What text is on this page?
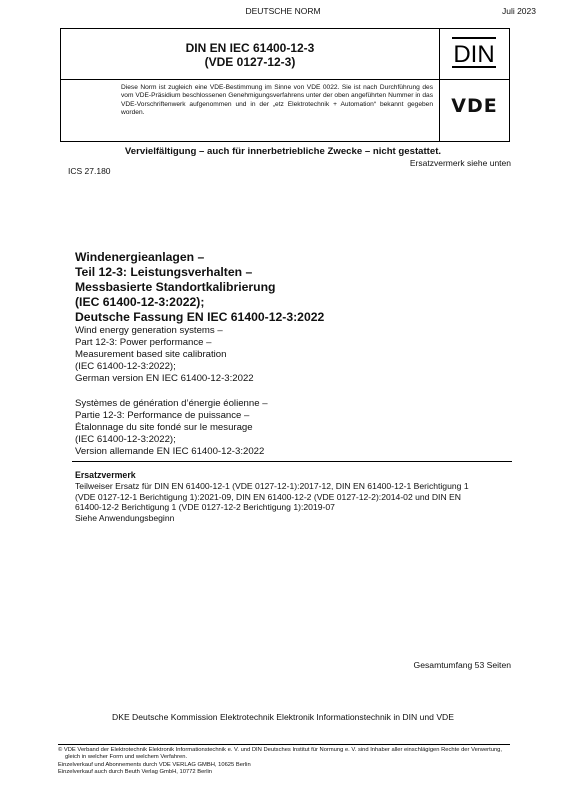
DEUTSCHE NORM	Juli 2023
DIN EN IEC 61400-12-3
(VDE 0127-12-3)	DIN
Diese Norm ist zugleich eine VDE-Bestimmung im Sinne von VDE 0022. Sie ist nach Durchführung des vom VDE-Präsidium beschlossenen Genehmigungsverfahrens unter der oben angeführten Nummer in das VDE-Vorschriftenwerk aufgenommen und in der „etz Elektrotechnik + Automation“ bekannt gegeben worden.	VDE
Vervielfältigung – auch für innerbetriebliche Zwecke – nicht gestattet.
Ersatzvermerk siehe unten
ICS 27.180
Windenergieanlagen –
Teil 12-3: Leistungsverhalten –
Messbasierte Standortkalibrierung
(IEC 61400-12-3:2022);
Deutsche Fassung EN IEC 61400-12-3:2022
Wind energy generation systems –
Part 12-3: Power performance –
Measurement based site calibration
(IEC 61400-12-3:2022);
German version EN IEC 61400-12-3:2022
Systèmes de génération d’énergie éolienne –
Partie 12-3: Performance de puissance –
Étalonnage du site fondé sur le mesurage
(IEC 61400-12-3:2022);
Version allemande EN IEC 61400-12-3:2022
Ersatzvermerk
Teilweiser Ersatz für DIN EN 61400-12-1 (VDE 0127-12-1):2017-12, DIN EN 61400-12-1 Berichtigung 1
(VDE 0127-12-1 Berichtigung 1):2021-09, DIN EN 61400-12-2 (VDE 0127-12-2):2014-02 und DIN EN
61400-12-2 Berichtigung 1 (VDE 0127-12-2 Berichtigung 1):2019-07
Siehe Anwendungsbeginn
Gesamtumfang 53 Seiten
DKE Deutsche Kommission Elektrotechnik Elektronik Informationstechnik in DIN und VDE
© VDE Verband der Elektrotechnik Elektronik Informationstechnik e. V. und DIN Deutsches Institut für Normung e. V. sind Inhaber aller einschlägigen Rechte der Verwertung,
gleich in welcher Form und welchem Verfahren.
Einzelverkauf und Abonnements durch VDE VERLAG GMBH, 10625 Berlin
Einzelverkauf auch durch Beuth Verlag GmbH, 10772 Berlin
